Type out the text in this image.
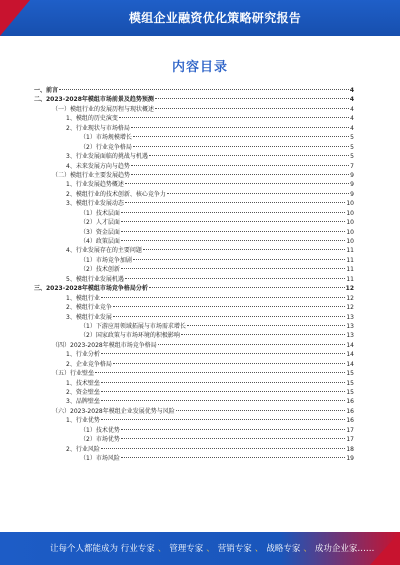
模组企业融资优化策略研究报告
内容目录
一、前言	4
二、2023-2028年模组市场前景及趋势预测	4
（一）模组行业的发展历程与现状概述	4
1、模组的历史演变	4
2、行业现状与市场格局	4
（1）市场规模增长	5
（2）行业竞争格局	5
3、行业发展面临的挑战与机遇	5
4、未来发展方向与趋势	7
（二）模组行业主要发展趋势	9
1、行业发展趋势概述	9
2、模组行业的技术创新、核心竞争力	9
3、模组行业发展动态	10
（1）技术层面	10
（2）人才层面	10
（3）资金层面	10
（4）政策层面	10
4、行业发展存在的主要问题	11
（1）市场竞争加剧	11
（2）技术创新	11
5、模组行业发展机遇	11
三、2023-2028年模组市场竞争格局分析	12
1、模组行业	12
2、模组行业竞争	12
3、模组行业发展	13
（1）下游应用领域拓展与市场需求增长	13
（2）国家政策与市场环境的积极影响	13
（四）2023-2028年模组市场竞争格局	14
1、行业分析	14
2、企业竞争格局	14
（五）行业壁垒	15
1、技术壁垒	15
2、资金壁垒	15
3、品牌壁垒	16
（六）2023-2028年模组企业发展优势与风险	16
1、行业优势	16
（1）技术优势	17
（2）市场优势	17
2、行业风险	18
（1）市场风险	19
让每个人都能成为 行业专家 、 管理专家 、 营销专家 、 战略专家 、 成功企业家……
